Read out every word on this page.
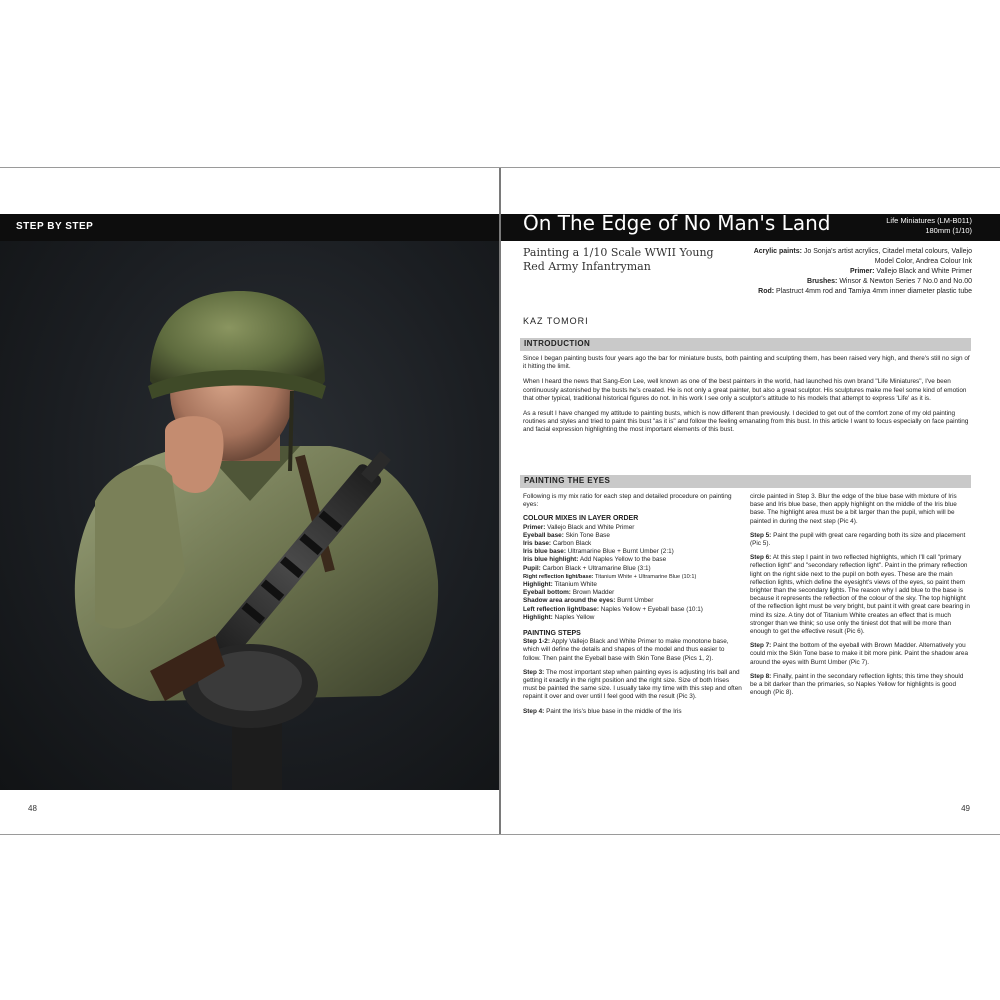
STEP BY STEP
48
On The Edge of No Man's Land	Life Miniatures (LM-B011)
180mm (1/10)
Painting a 1/10 Scale WWII Young Red Army Infantryman
Acrylic paints: Jo Sonja's artist acrylics, Citadel metal colours, Vallejo Model Color, Andrea Colour Ink
Primer: Vallejo Black and White Primer
Brushes: Winsor & Newton Series 7 No.0 and No.00
Rod: Plastruct 4mm rod and Tamiya 4mm inner diameter plastic tube
KAZ TOMORI
INTRODUCTION

Since I began painting busts four years ago the bar for miniature busts, both painting and sculpting them, has been raised very high, and there's still no sign of it hitting the limit.

When I heard the news that Sang-Eon Lee, well known as one of the best painters in the world, had launched his own brand "Life Miniatures", I've been continuously astonished by the busts he's created. He is not only a great painter, but also a great sculptor. His sculptures make me feel some kind of emotion that other typical, traditional historical figures do not. In his work I see only a sculptor's attitude to his models that attempt to express 'Life' as it is.

As a result I have changed my attitude to painting busts, which is now different than previously. I decided to get out of the comfort zone of my old painting routines and styles and tried to paint this bust "as it is" and follow the feeling emanating from this bust. In this article I want to focus especially on face painting and facial expression highlighting the most important elements of this bust.

PAINTING THE EYES

Following is my mix ratio for each step and detailed procedure on painting eyes:

COLOUR MIXES IN LAYER ORDER
Primer: Vallejo Black and White Primer
Eyeball base: Skin Tone Base
Iris base: Carbon Black
Iris blue base: Ultramarine Blue + Burnt Umber (2:1)
Iris blue highlight: Add Naples Yellow to the base
Pupil: Carbon Black + Ultramarine Blue (3:1)
Right reflection light/base: Titanium White + Ultramarine Blue (10:1)
Highlight: Titanium White
Eyeball bottom: Brown Madder
Shadow area around the eyes: Burnt Umber
Left reflection light/base: Naples Yellow + Eyeball base (10:1)
Highlight: Naples Yellow
PAINTING STEPS

Step 1-2: Apply Vallejo Black and White Primer to make monotone base, which will define the details and shapes of the model and thus easier to follow. Then paint the Eyeball base with Skin Tone Base (Pics 1, 2).

Step 3: The most important step when painting eyes is adjusting Iris ball and getting it exactly in the right position and the right size. Size of both Irises must be painted the same size. I usually take my time with this step and often repaint it over and over until I feel good with the result (Pic 3).

Step 4: Paint the Iris's blue base in the middle of the Iris

circle painted in Step 3. Blur the edge of the blue base with mixture of Iris base and Iris blue base, then apply highlight on the middle of the Iris blue base. The highlight area must be a bit larger than the pupil, which will be painted in during the next step (Pic 4).

Step 5: Paint the pupil with great care regarding both its size and placement (Pic 5).

Step 6: At this step I paint in two reflected highlights, which I'll call "primary reflection light" and "secondary reflection light". Paint in the primary reflection light on the right side next to the pupil on both eyes. These are the main reflection lights, which define the eyesight's views of the eyes, so paint them brighter than the secondary lights. The reason why I add blue to the base is because it represents the reflection of the colour of the sky. The top highlight of the reflection light must be very bright, but paint it with great care bearing in mind its size. A tiny dot of Titanium White creates an effect that is much stronger than we think; so use only the tiniest dot that will be more than enough to get the effective result (Pic 6).

Step 7: Paint the bottom of the eyeball with Brown Madder. Alternatively you could mix the Skin Tone base to make it bit more pink. Paint the shadow area around the eyes with Burnt Umber (Pic 7).

Step 8: Finally, paint in the secondary reflection lights; this time they should be a bit darker than the primaries, so Naples Yellow for highlights is good enough (Pic 8).

49
